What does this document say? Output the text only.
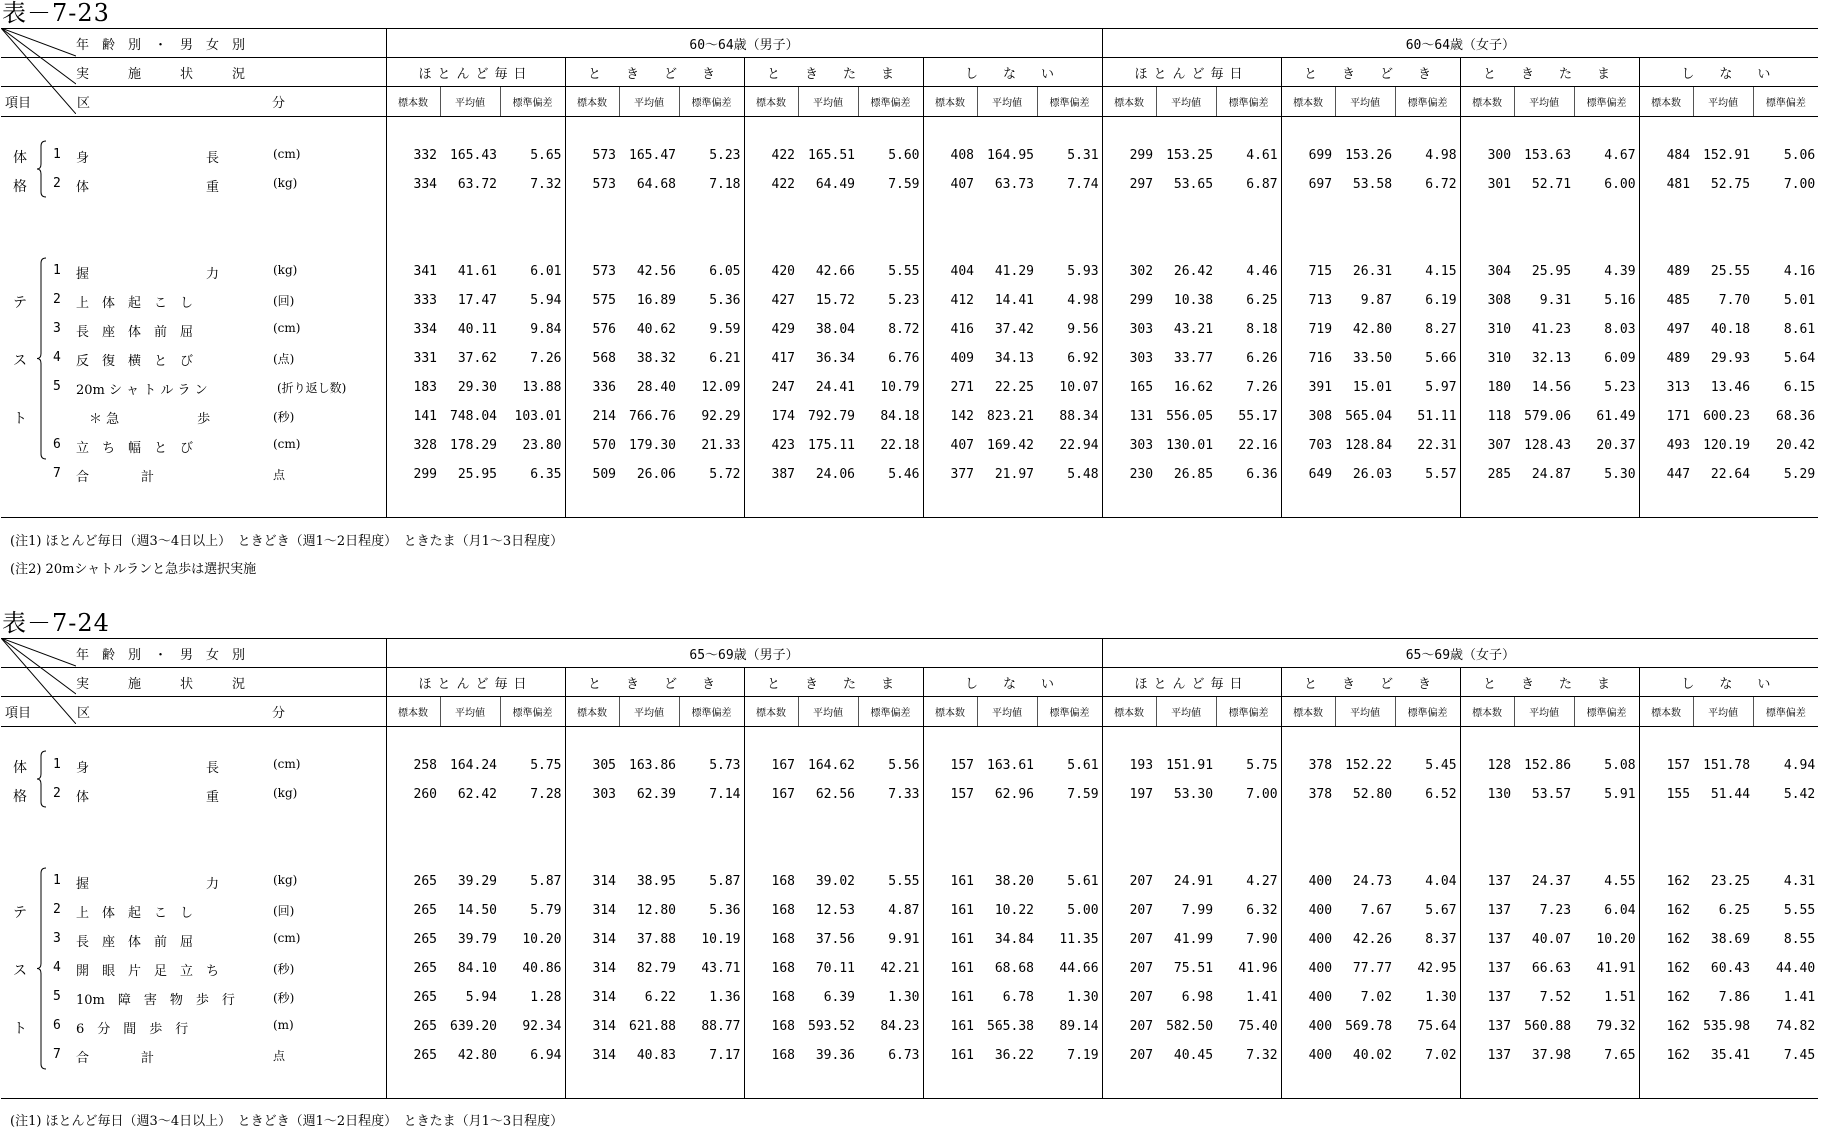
表－7-23
表－7-24
年　齢　別　・　男　女　別	60～64歳（男子）												60～64歳（女子）											
実　　　施　　　状　　　況	ほとんど毎日			と　き　ど　き			と　き　た　ま			し　な　い			ほとんど毎日			と　き　ど　き			と　き　た　ま			し　な　い		
項目 区　　　　　　　　　　　　　　分	標本数	平均値	標準偏差	標本数	平均値	標準偏差	標本数	平均値	標準偏差	標本数	平均値	標準偏差	標本数	平均値	標準偏差	標本数	平均値	標準偏差	標本数	平均値	標準偏差	標本数	平均値	標準偏差

体 1 身　　　　　　　　　長 (cm)	332	165.43	5.65	573	165.47	5.23	422	165.51	5.60	408	164.95	5.31	299	153.25	4.61	699	153.26	4.98	300	153.63	4.67	484	152.91	5.06

格 2 体　　　　　　　　　重 (kg)	334	63.72	7.32	573	64.68	7.18	422	64.49	7.59	407	63.73	7.74	297	53.65	6.87	697	53.58	6.72	301	52.71	6.00	481	52.75	7.00

1 握　　　　　　　　　力 (kg)	341	41.61	6.01	573	42.56	6.05	420	42.66	5.55	404	41.29	5.93	302	26.42	4.46	715	26.31	4.15	304	25.95	4.39	489	25.55	4.16

テ 2 上　体　起　こ　し (回)	333	17.47	5.94	575	16.89	5.36	427	15.72	5.23	412	14.41	4.98	299	10.38	6.25	713	9.87	6.19	308	9.31	5.16	485	7.70	5.01

3 長　座　体　前　屈 (cm)	334	40.11	9.84	576	40.62	9.59	429	38.04	8.72	416	37.42	9.56	303	43.21	8.18	719	42.80	8.27	310	41.23	8.03	497	40.18	8.61

ス 4 反　復　横　と　び (点)	331	37.62	7.26	568	38.32	6.21	417	36.34	6.76	409	34.13	6.92	303	33.77	6.26	716	33.50	5.66	310	32.13	6.09	489	29.93	5.64

5 20m シ ャ ト ル ラ ン (折り返し数)	183	29.30	13.88	336	28.40	12.09	247	24.41	10.79	271	22.25	10.07	165	16.62	7.26	391	15.01	5.97	180	14.56	5.23	313	13.46	6.15

ト 　＊ 急　　　　　　歩 (秒)	141	748.04	103.01	214	766.76	92.29	174	792.79	84.18	142	823.21	88.34	131	556.05	55.17	308	565.04	51.11	118	579.06	61.49	171	600.23	68.36

6 立　ち　幅　と　び (cm)	328	178.29	23.80	570	179.30	21.33	423	175.11	22.18	407	169.42	22.94	303	130.01	22.16	703	128.84	22.31	307	128.43	20.37	493	120.19	20.42

7 合　　　　計　　　　 点	299	25.95	6.35	509	26.06	5.72	387	24.06	5.46	377	21.97	5.48	230	26.85	6.36	649	26.03	5.57	285	24.87	5.30	447	22.64	5.29

年　齢　別　・　男　女　別	65～69歳（男子）												65～69歳（女子）											
実　　　施　　　状　　　況	ほとんど毎日			と　き　ど　き			と　き　た　ま			し　な　い			ほとんど毎日			と　き　ど　き			と　き　た　ま			し　な　い		
項目 区　　　　　　　　　　　　　　分	標本数	平均値	標準偏差	標本数	平均値	標準偏差	標本数	平均値	標準偏差	標本数	平均値	標準偏差	標本数	平均値	標準偏差	標本数	平均値	標準偏差	標本数	平均値	標準偏差	標本数	平均値	標準偏差

体 1 身　　　　　　　　　長 (cm)	258	164.24	5.75	305	163.86	5.73	167	164.62	5.56	157	163.61	5.61	193	151.91	5.75	378	152.22	5.45	128	152.86	5.08	157	151.78	4.94

格 2 体　　　　　　　　　重 (kg)	260	62.42	7.28	303	62.39	7.14	167	62.56	7.33	157	62.96	7.59	197	53.30	7.00	378	52.80	6.52	130	53.57	5.91	155	51.44	5.42

1 握　　　　　　　　　力 (kg)	265	39.29	5.87	314	38.95	5.87	168	39.02	5.55	161	38.20	5.61	207	24.91	4.27	400	24.73	4.04	137	24.37	4.55	162	23.25	4.31

テ 2 上　体　起　こ　し (回)	265	14.50	5.79	314	12.80	5.36	168	12.53	4.87	161	10.22	5.00	207	7.99	6.32	400	7.67	5.67	137	7.23	6.04	162	6.25	5.55

3 長　座　体　前　屈 (cm)	265	39.79	10.20	314	37.88	10.19	168	37.56	9.91	161	34.84	11.35	207	41.99	7.90	400	42.26	8.37	137	40.07	10.20	162	38.69	8.55

ス 4 開　眼　片　足　立　ち (秒)	265	84.10	40.86	314	82.79	43.71	168	70.11	42.21	161	68.68	44.66	207	75.51	41.96	400	77.77	42.95	137	66.63	41.91	162	60.43	44.40

5 10m　障　害　物　歩　行 (秒)	265	5.94	1.28	314	6.22	1.36	168	6.39	1.30	161	6.78	1.30	207	6.98	1.41	400	7.02	1.30	137	7.52	1.51	162	7.86	1.41

ト 6 6　分　間　歩　行 (m)	265	639.20	92.34	314	621.88	88.77	168	593.52	84.23	161	565.38	89.14	207	582.50	75.40	400	569.78	75.64	137	560.88	79.32	162	535.98	74.82

7 合　　　　計　　　　 点	265	42.80	6.94	314	40.83	7.17	168	39.36	6.73	161	36.22	7.19	207	40.45	7.32	400	40.02	7.02	137	37.98	7.65	162	35.41	7.45

(注1) ほとんど毎日（週3～4日以上）　ときどき（週1～2日程度）　ときたま（月1～3日程度）
(注2) 20mシャトルランと急歩は選択実施
(注1) ほとんど毎日（週3～4日以上）　ときどき（週1～2日程度）　ときたま（月1～3日程度）
